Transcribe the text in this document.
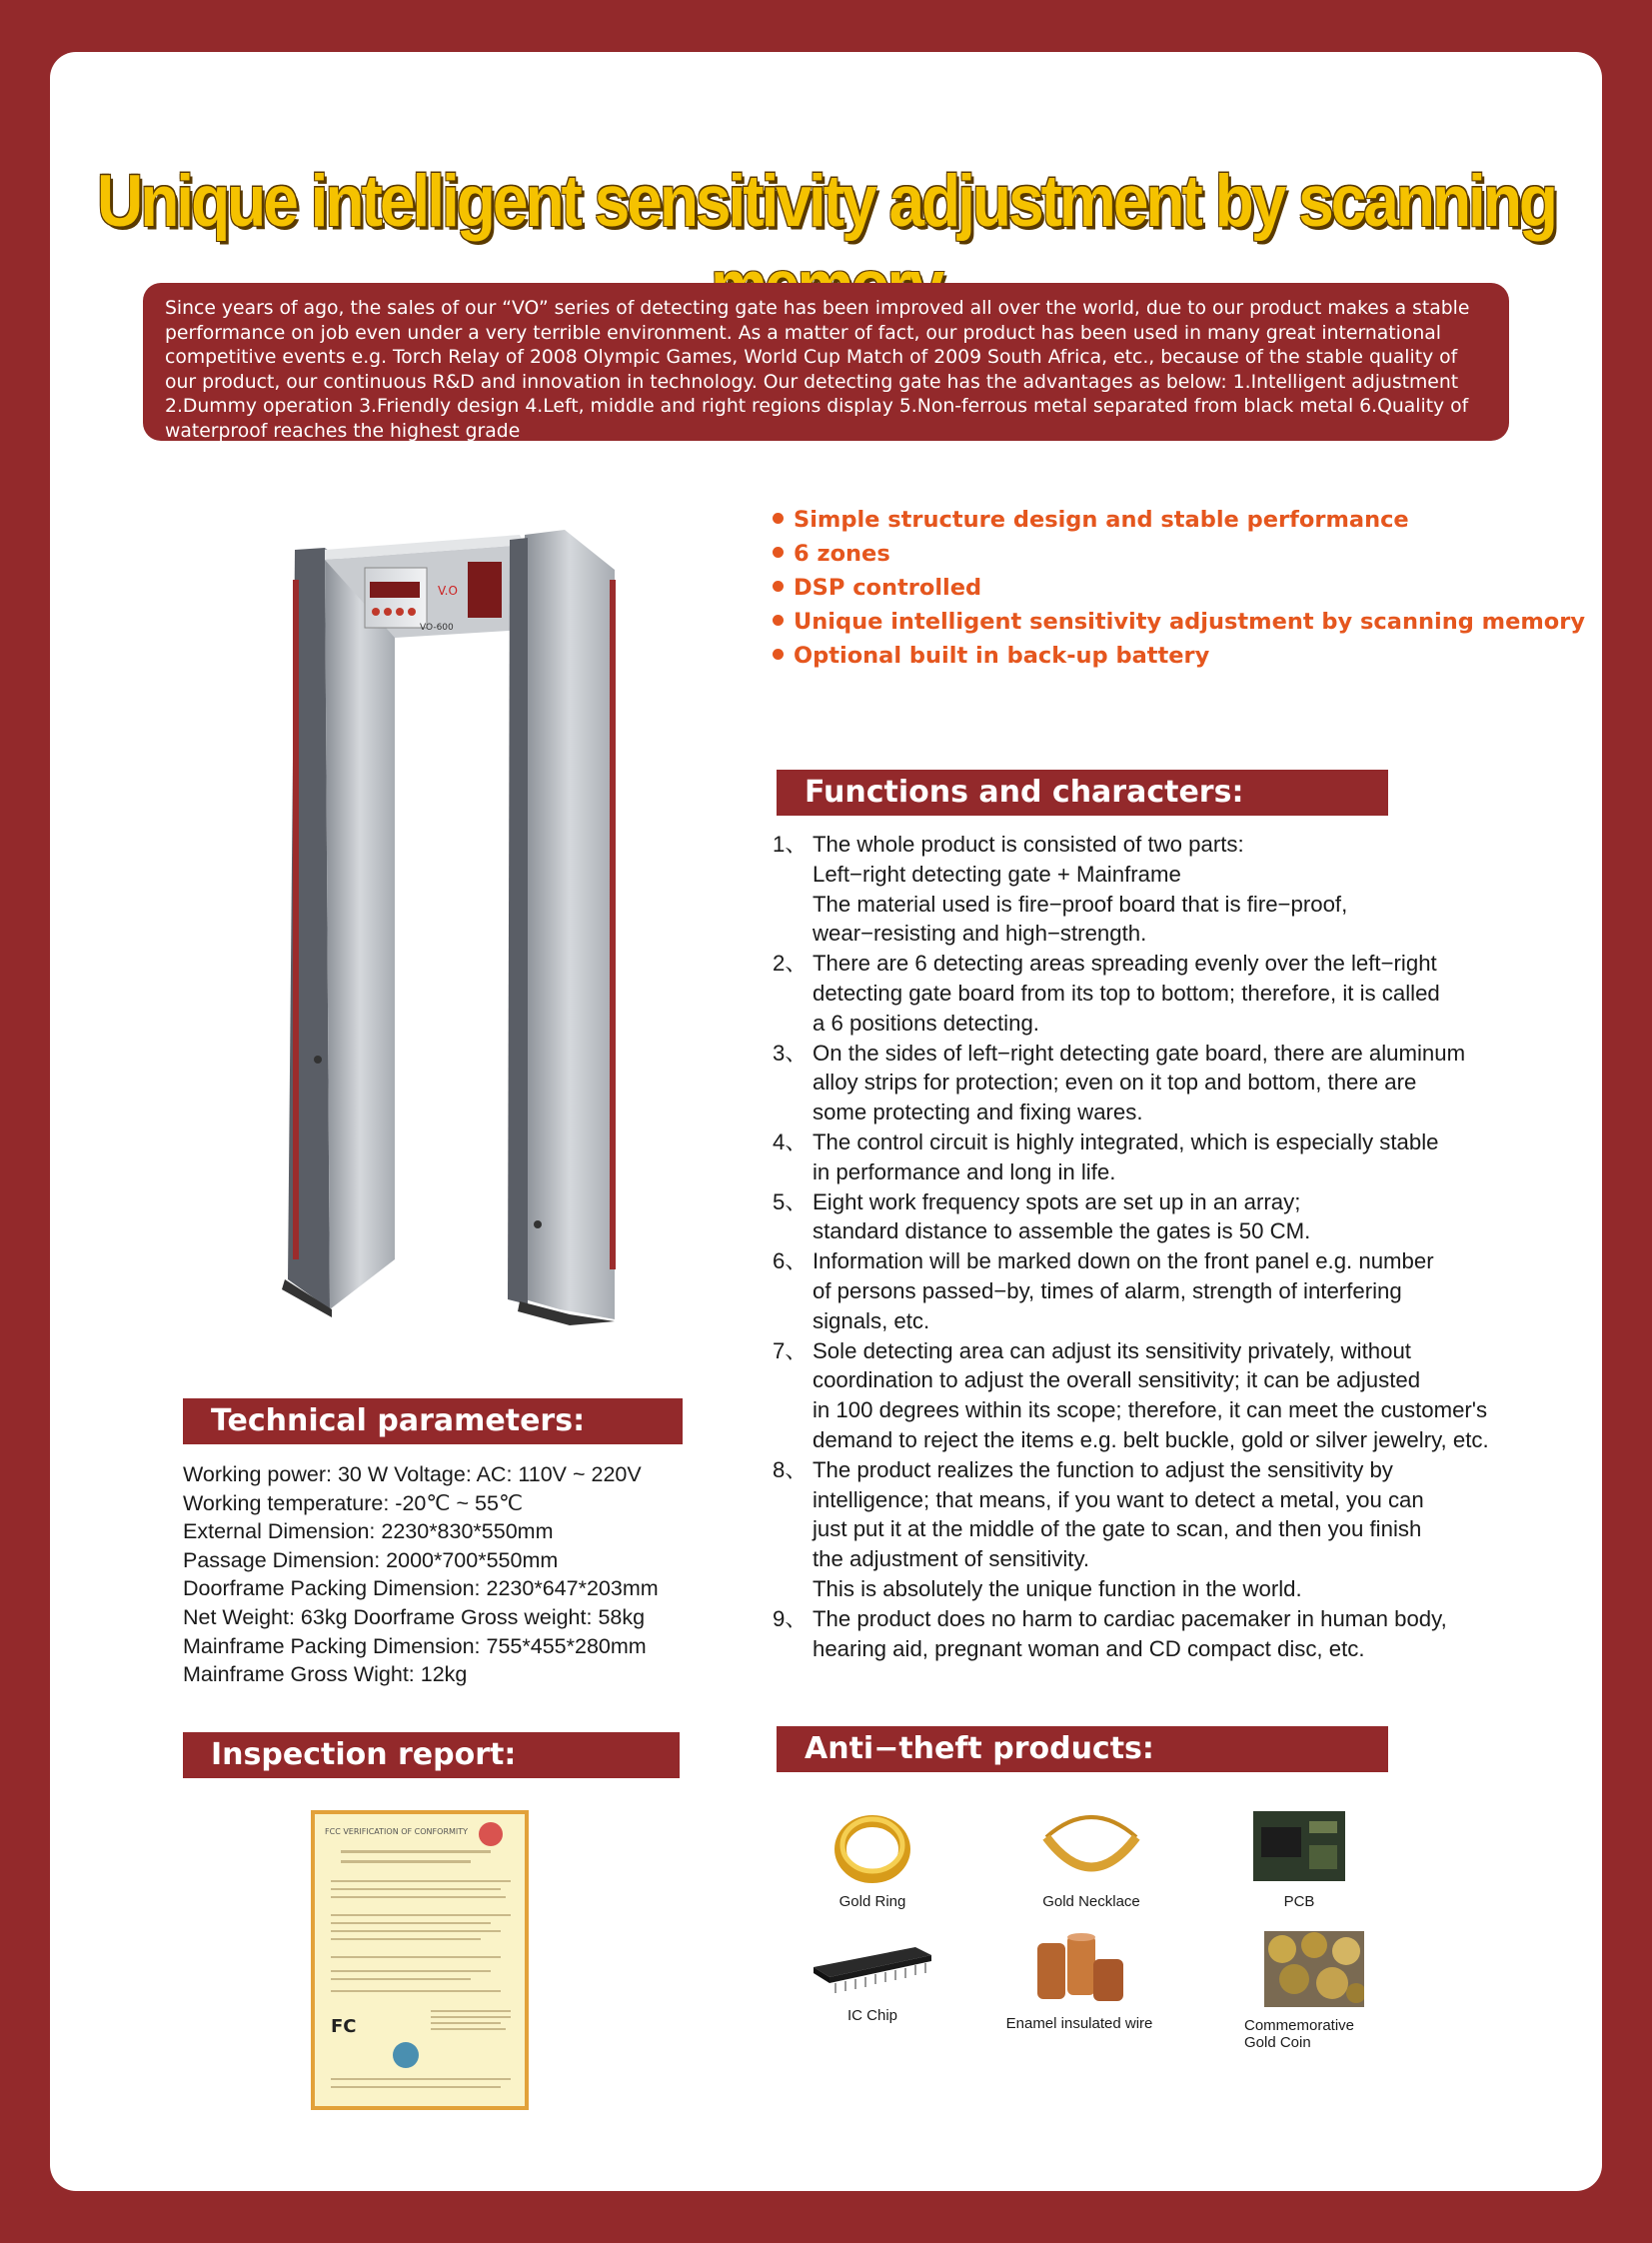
Unique intelligent sensitivity adjustment by scanning
Since years of ago, the sales of our “VO” series of detecting gate has been improved all over the world, due to our product makes a stable performance on job even under a very terrible environment. As a matter of fact, our product has been used in many great international competitive events e.g. Torch Relay of 2008 Olympic Games, World Cup Match of 2009 South Africa, etc., because of the stable quality of our product, our continuous R&D and innovation in technology. Our detecting gate has the advantages as below: 1.Intelligent adjustment 2.Dummy operation 3.Friendly design 4.Left, middle and right regions display 5.Non-ferrous metal separated from black metal 6.Quality of waterproof reaches the highest grade
V.O
VO-600
Simple structure design and stable performance
6 zones
DSP controlled
Unique intelligent sensitivity adjustment by scanning memory
Optional built in back-up battery
Functions and characters:
1、 The whole product is consisted of two parts:
Left−right detecting gate + Mainframe
The material used is fire−proof board that is fire−proof,
wear−resisting and high−strength.
2、 There are 6 detecting areas spreading evenly over the left−right
detecting gate board from its top to bottom; therefore, it is called
a 6 positions detecting.
3、 On the sides of left−right detecting gate board, there are aluminum
alloy strips for protection; even on it top and bottom, there are
some protecting and fixing wares.
4、 The control circuit is highly integrated, which is especially stable
in performance and long in life.
5、 Eight work frequency spots are set up in an array;
standard distance to assemble the gates is 50 CM.
6、 Information will be marked down on the front panel e.g. number
of persons passed−by, times of alarm, strength of interfering
signals, etc.
7、 Sole detecting area can adjust its sensitivity privately, without
coordination to adjust the overall sensitivity; it can be adjusted
in 100 degrees within its scope; therefore, it can meet the customer's
demand to reject the items e.g. belt buckle, gold or silver jewelry, etc.
8、 The product realizes the function to adjust the sensitivity by
intelligence; that means, if you want to detect a metal, you can
just put it at the middle of the gate to scan, and then you finish
the adjustment of sensitivity.
This is absolutely the unique function in the world.
9、 The product does no harm to cardiac pacemaker in human body,
hearing aid, pregnant woman and CD compact disc, etc.
Technical parameters:
Working power: 30 W Voltage: AC: 110V ~ 220V
Working temperature: -20℃ ~ 55℃
External Dimension: 2230*830*550mm
Passage Dimension: 2000*700*550mm
Doorframe Packing Dimension: 2230*647*203mm
Net Weight: 63kg Doorframe Gross weight: 58kg
Mainframe Packing Dimension: 755*455*280mm
Mainframe Gross Wight: 12kg
Inspection report:
FCC VERIFICATION OF CONFORMITY
FC
Anti−theft products:
Gold Ring	Gold Necklace	PCB
IC Chip	Enamel insulated wire	Commemorative Gold Coin
